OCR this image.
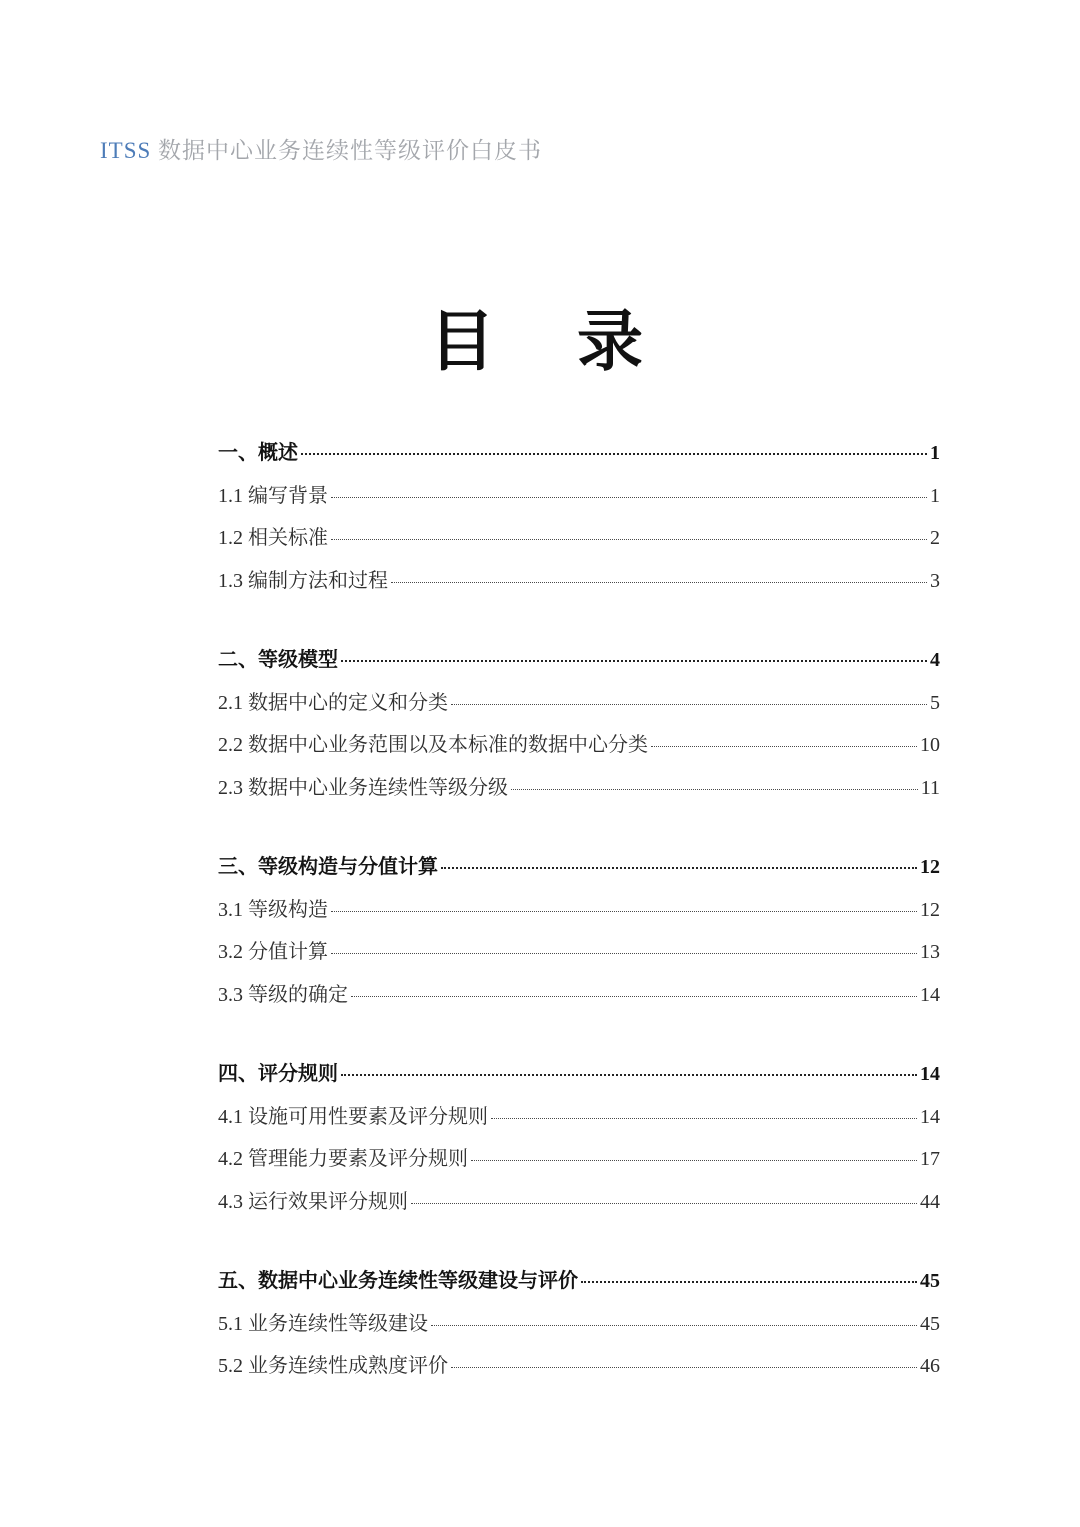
ITSS 数据中心业务连续性等级评价白皮书
目　录
一、概述	1
1.1 编写背景	1
1.2 相关标准	2
1.3 编制方法和过程	3
二、等级模型	4
2.1 数据中心的定义和分类	5
2.2 数据中心业务范围以及本标准的数据中心分类	10
2.3 数据中心业务连续性等级分级	11
三、等级构造与分值计算	12
3.1 等级构造	12
3.2 分值计算	13
3.3 等级的确定	14
四、评分规则	14
4.1 设施可用性要素及评分规则	14
4.2 管理能力要素及评分规则	17
4.3 运行效果评分规则	44
五、数据中心业务连续性等级建设与评价	45
5.1 业务连续性等级建设	45
5.2 业务连续性成熟度评价	46
